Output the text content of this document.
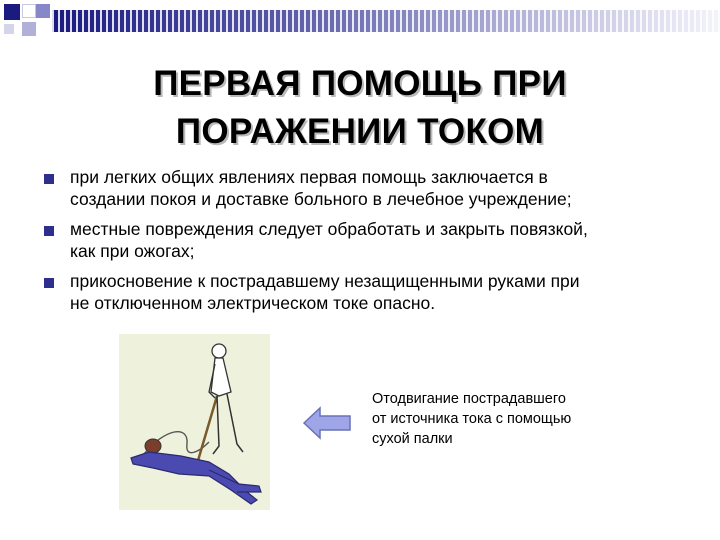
ПЕРВАЯ ПОМОЩЬ ПРИ
ПОРАЖЕНИИ ТОКОМ
при легких общих явлениях первая помощь заключается в
создании покоя и доставке больного в лечебное учреждение;
местные повреждения следует обработать и закрыть повязкой,
как при ожогах;
прикосновение к пострадавшему незащищенными руками при
не отключенном электрическом токе опасно.
Отодвигание пострадавшего
от источника тока с помощью
сухой палки
